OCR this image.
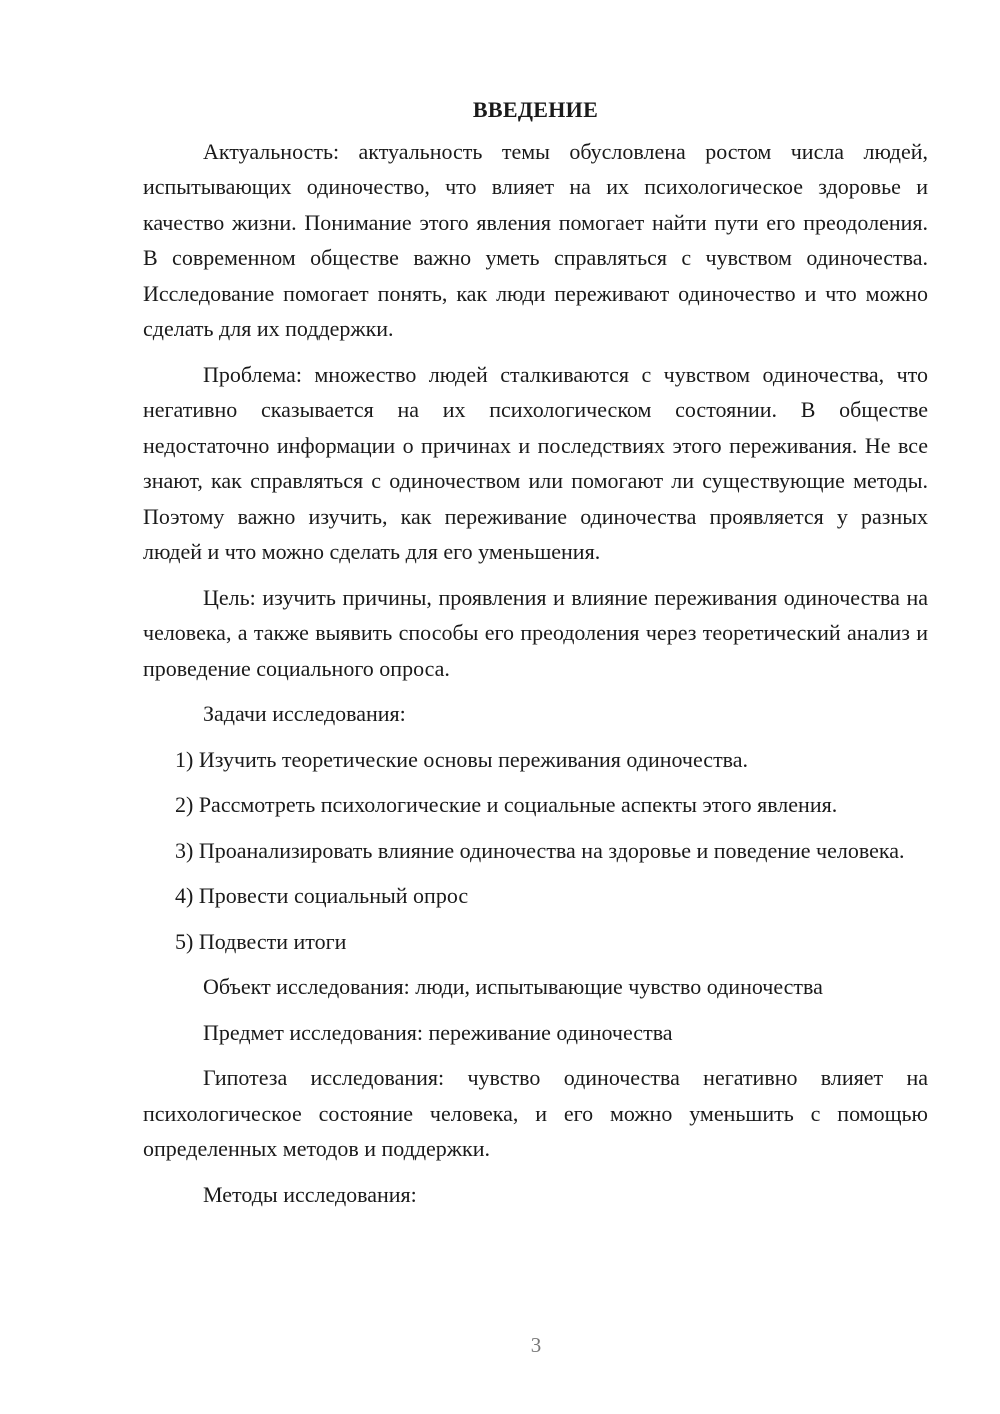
ВВЕДЕНИЕ

Актуальность: актуальность темы обусловлена ростом числа людей, испытывающих одиночество, что влияет на их психологическое здоровье и качество жизни. Понимание этого явления помогает найти пути его преодоления. В современном обществе важно уметь справляться с чувством одиночества. Исследование помогает понять, как люди переживают одиночество и что можно сделать для их поддержки.

Проблема: множество людей сталкиваются с чувством одиночества, что негативно сказывается на их психологическом состоянии. В обществе недостаточно информации о причинах и последствиях этого переживания. Не все знают, как справляться с одиночеством или помогают ли существующие методы. Поэтому важно изучить, как переживание одиночества проявляется у разных людей и что можно сделать для его уменьшения.

Цель: изучить причины, проявления и влияние переживания одиночества на человека, а также выявить способы его преодоления через теоретический анализ и проведение социального опроса.

Задачи исследования:

1) Изучить теоретические основы переживания одиночества.

2) Рассмотреть психологические и социальные аспекты этого явления.

3) Проанализировать влияние одиночества на здоровье и поведение человека.

4) Провести социальный опрос

5) Подвести итоги

Объект исследования: люди, испытывающие чувство одиночества

Предмет исследования: переживание одиночества

Гипотеза исследования: чувство одиночества негативно влияет на психологическое состояние человека, и его можно уменьшить с помощью определенных методов и поддержки.

Методы исследования:

3
